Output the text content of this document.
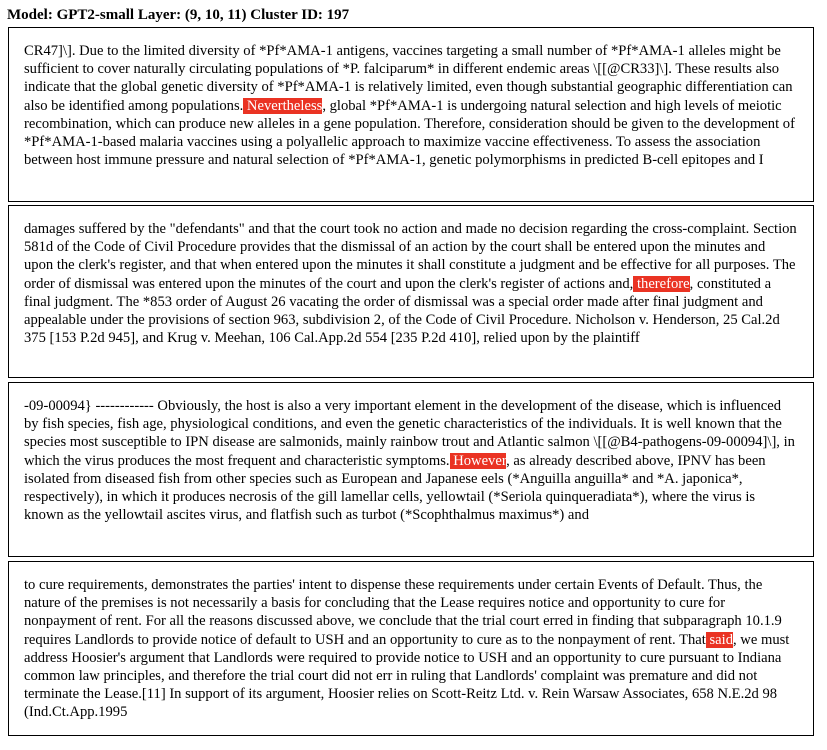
Model: GPT2-small Layer: (9, 10, 11) Cluster ID: 197

CR47]\]. Due to the limited diversity of *Pf*AMA-1 antigens, vaccines targeting a small number of *Pf*AMA-1 alleles might be sufficient to cover naturally circulating populations of *P. falciparum* in different endemic areas \[[@CR33]\]. These results also indicate that the global genetic diversity of *Pf*AMA-1 is relatively limited, even though substantial geographic differentiation can also be identified among populations. Nevertheless, global *Pf*AMA-1 is undergoing natural selection and high levels of meiotic recombination, which can produce new alleles in a gene population. Therefore, consideration should be given to the development of *Pf*AMA-1-based malaria vaccines using a polyallelic approach to maximize vaccine effectiveness. To assess the association between host immune pressure and natural selection of *Pf*AMA-1, genetic polymorphisms in predicted B-cell epitopes and I

damages suffered by the "defendants" and that the court took no action and made no decision regarding the cross-complaint. Section 581d of the Code of Civil Procedure provides that the dismissal of an action by the court shall be entered upon the minutes and upon the clerk's register, and that when entered upon the minutes it shall constitute a judgment and be effective for all purposes. The order of dismissal was entered upon the minutes of the court and upon the clerk's register of actions and, therefore, constituted a final judgment. The *853 order of August 26 vacating the order of dismissal was a special order made after final judgment and appealable under the provisions of section 963, subdivision 2, of the Code of Civil Procedure. Nicholson v. Henderson, 25 Cal.2d 375 [153 P.2d 945], and Krug v. Meehan, 106 Cal.App.2d 554 [235 P.2d 410], relied upon by the plaintiff

-09-00094} ------------ Obviously, the host is also a very important element in the development of the disease, which is influenced by fish species, fish age, physiological conditions, and even the genetic characteristics of the individuals. It is well known that the species most susceptible to IPN disease are salmonids, mainly rainbow trout and Atlantic salmon \[[@B4-pathogens-09-00094]\], in which the virus produces the most frequent and characteristic symptoms. However, as already described above, IPNV has been isolated from diseased fish from other species such as European and Japanese eels (*Anguilla anguilla* and *A. japonica*, respectively), in which it produces necrosis of the gill lamellar cells, yellowtail (*Seriola quinqueradiata*), where the virus is known as the yellowtail ascites virus, and flatfish such as turbot (*Scophthalmus maximus*) and

to cure requirements, demonstrates the parties' intent to dispense these requirements under certain Events of Default. Thus, the nature of the premises is not necessarily a basis for concluding that the Lease requires notice and opportunity to cure for nonpayment of rent. For all the reasons discussed above, we conclude that the trial court erred in finding that subparagraph 10.1.9 requires Landlords to provide notice of default to USH and an opportunity to cure as to the nonpayment of rent. That said, we must address Hoosier's argument that Landlords were required to provide notice to USH and an opportunity to cure pursuant to Indiana common law principles, and therefore the trial court did not err in ruling that Landlords' complaint was premature and did not terminate the Lease.[11] In support of its argument, Hoosier relies on Scott-Reitz Ltd. v. Rein Warsaw Associates, 658 N.E.2d 98 (Ind.Ct.App.1995
